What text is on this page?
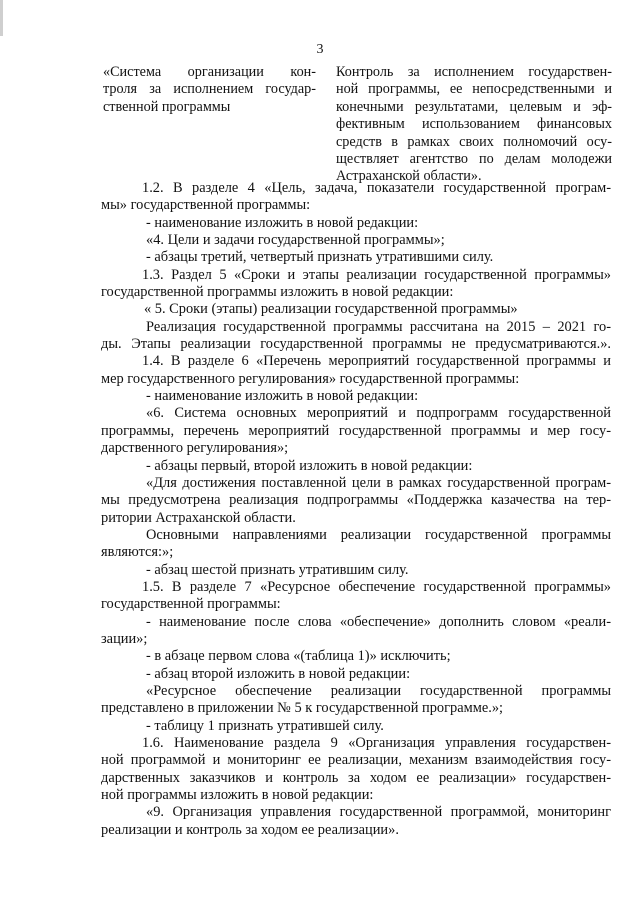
3
«Система организации кон-
троля за исполнением государ-
ственной программы
Контроль за исполнением государствен-
ной программы, ее непосредственными и
конечными результатами, целевым и эф-
фективным использованием финансовых
средств в рамках своих полномочий осу-
ществляет агентство по делам молодежи
Астраханской области».
1.2. В разделе 4 «Цель, задача, показатели государственной програм-
мы» государственной программы:
- наименование изложить в новой редакции:
«4. Цели и задачи государственной программы»;
- абзацы третий, четвертый признать утратившими силу.
1.3. Раздел 5 «Сроки и этапы реализации государственной программы»
государственной программы изложить в новой редакции:
« 5. Сроки (этапы) реализации государственной программы»
Реализация государственной программы рассчитана на 2015 – 2021 го-
ды. Этапы реализации государственной программы не предусматриваются.».
1.4. В разделе 6 «Перечень мероприятий государственной программы и
мер государственного регулирования» государственной программы:
- наименование изложить в новой редакции:
«6. Система основных мероприятий и подпрограмм государственной
программы, перечень мероприятий государственной программы и мер госу-
дарственного регулирования»;
- абзацы первый, второй изложить в новой редакции:
«Для достижения поставленной цели в рамках государственной програм-
мы предусмотрена реализация подпрограммы «Поддержка казачества на тер-
ритории Астраханской области.
Основными направлениями реализации государственной программы
являются:»;
- абзац шестой признать утратившим силу.
1.5. В разделе 7 «Ресурсное обеспечение государственной программы»
государственной программы:
- наименование после слова «обеспечение» дополнить словом «реали-
зации»;
- в абзаце первом слова «(таблица 1)» исключить;
- абзац второй изложить в новой редакции:
«Ресурсное обеспечение реализации государственной программы
представлено в приложении № 5 к государственной программе.»;
- таблицу 1 признать утратившей силу.
1.6. Наименование раздела 9 «Организация управления государствен-
ной программой и мониторинг ее реализации, механизм взаимодействия госу-
дарственных заказчиков и контроль за ходом ее реализации» государствен-
ной программы изложить в новой редакции:
«9. Организация управления государственной программой, мониторинг
реализации и контроль за ходом ее реализации».
